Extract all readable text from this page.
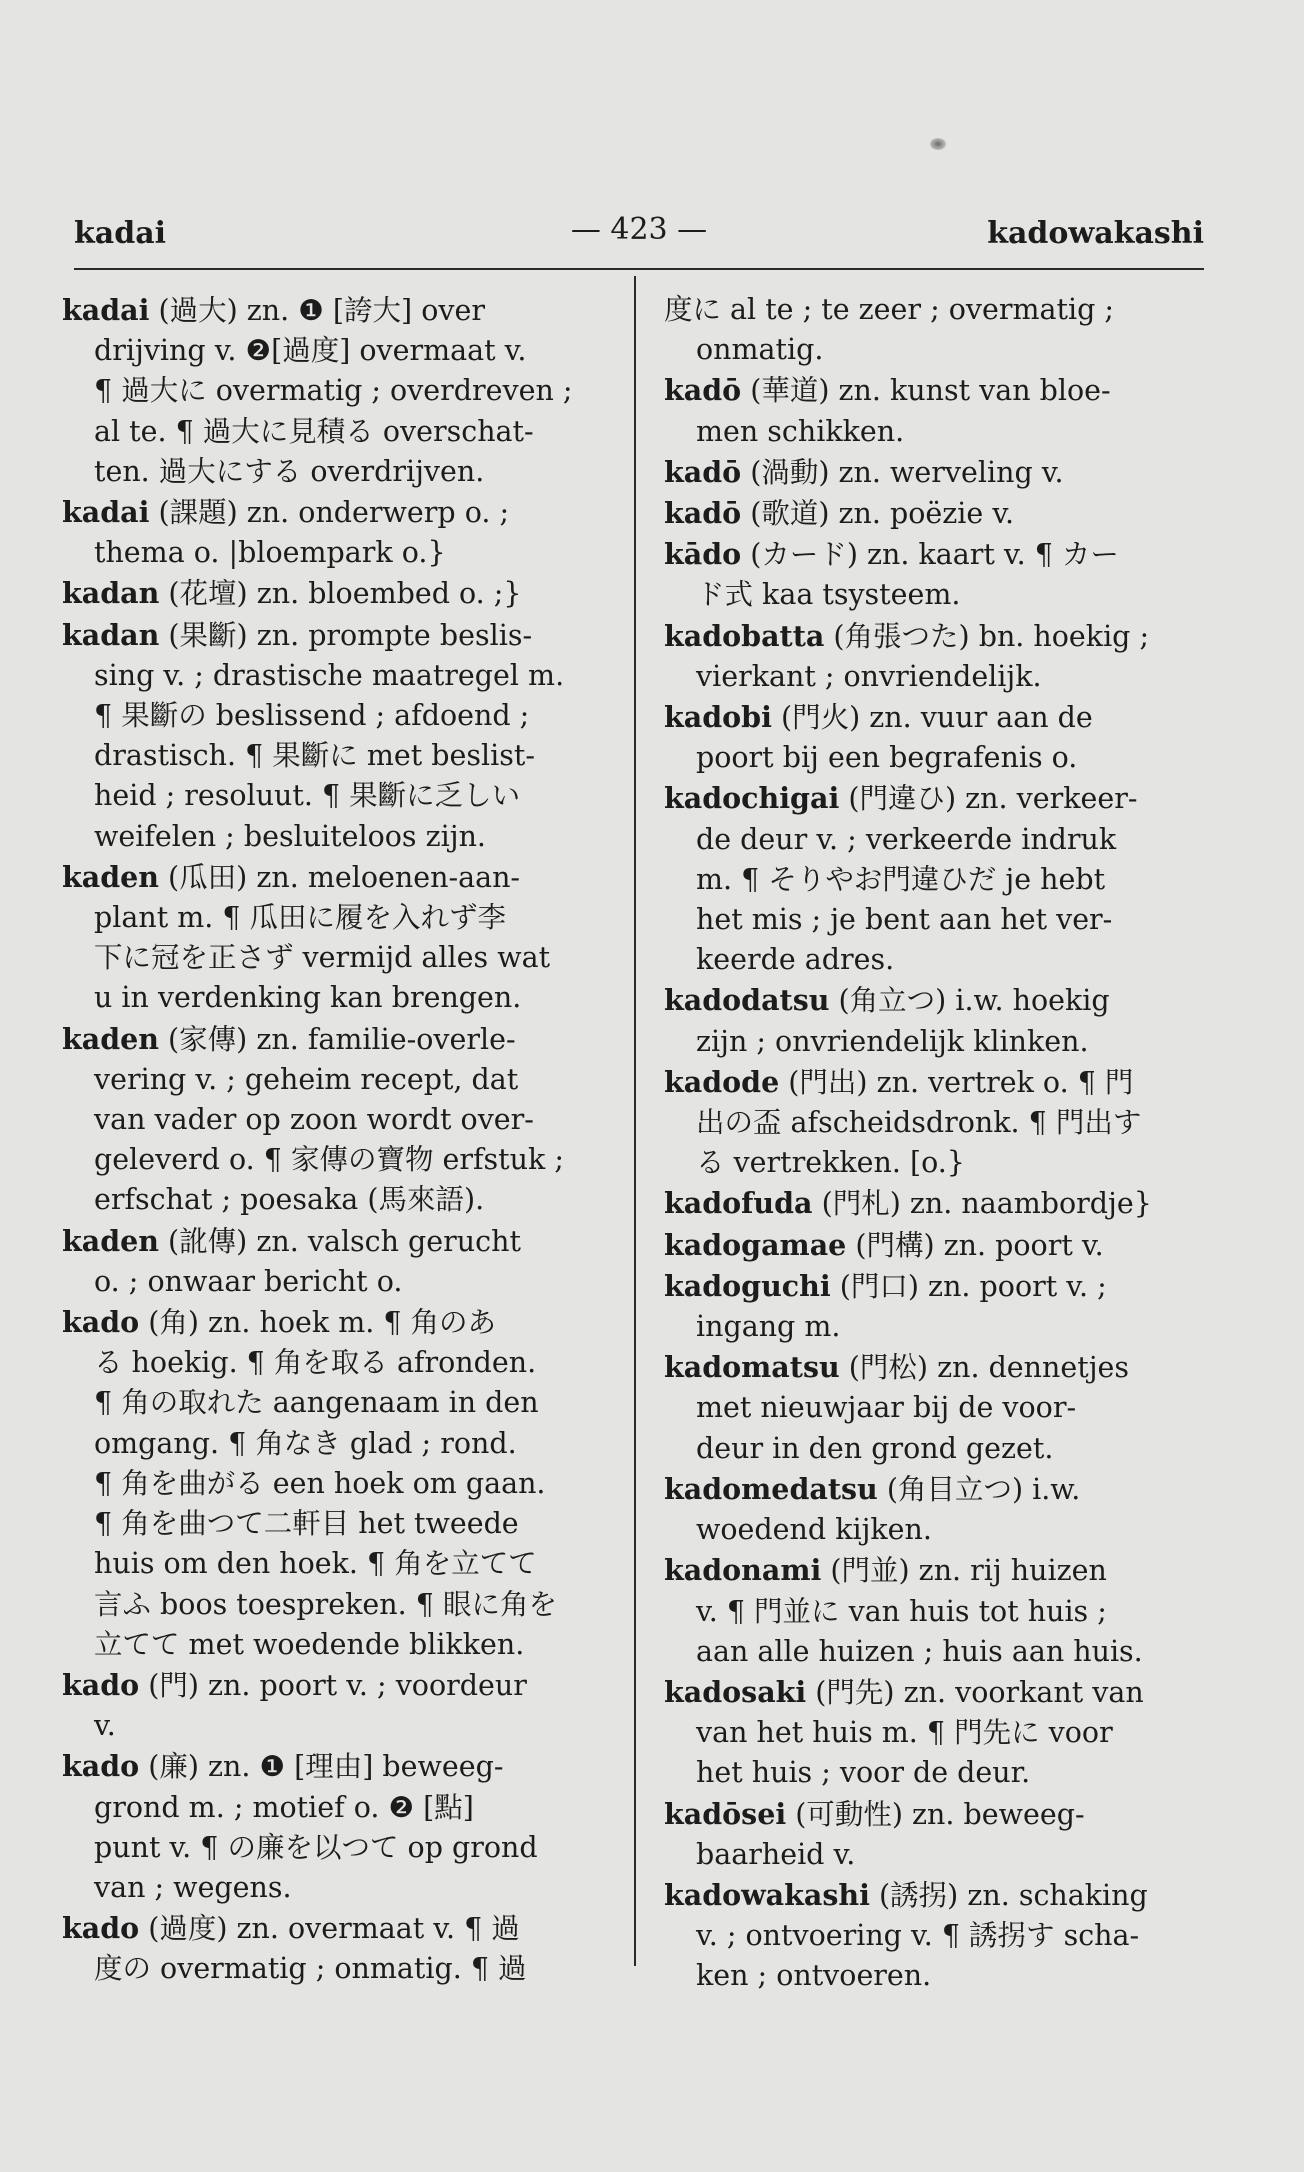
kadai	— 423 —	kadowakashi
kadai (過大) zn. ❶ [誇大] over
drijving v. ❷[過度] overmaat v.
¶ 過大に overmatig ; overdreven ;
al te. ¶ 過大に見積る overschat-
ten. 過大にする overdrijven.
kadai (課題) zn. onderwerp o. ;
thema o. |bloempark o.}
kadan (花壇) zn. bloembed o. ;}
kadan (果斷) zn. prompte beslis-
sing v. ; drastische maatregel m.
¶ 果斷の beslissend ; afdoend ;
drastisch. ¶ 果斷に met beslist-
heid ; resoluut. ¶ 果斷に乏しい
weifelen ; besluiteloos zijn.
kaden (瓜田) zn. meloenen-aan-
plant m. ¶ 瓜田に履を入れず李
下に冠を正さず vermijd alles wat
u in verdenking kan brengen.
kaden (家傳) zn. familie-overle-
vering v. ; geheim recept, dat
van vader op zoon wordt over-
geleverd o. ¶ 家傳の寶物 erfstuk ;
erfschat ; poesaka (馬來語).
kaden (訛傳) zn. valsch gerucht
o. ; onwaar bericht o.
kado (角) zn. hoek m. ¶ 角のあ
る hoekig. ¶ 角を取る afronden.
¶ 角の取れた aangenaam in den
omgang. ¶ 角なき glad ; rond.
¶ 角を曲がる een hoek om gaan.
¶ 角を曲つて二軒目 het tweede
huis om den hoek. ¶ 角を立てて
言ふ boos toespreken. ¶ 眼に角を
立てて met woedende blikken.
kado (門) zn. poort v. ; voordeur
v.
kado (廉) zn. ❶ [理由] beweeg-
grond m. ; motief o. ❷ [點]
punt v. ¶ の廉を以つて op grond
van ; wegens.
kado (過度) zn. overmaat v. ¶ 過
度の overmatig ; onmatig. ¶ 過
度に al te ; te zeer ; overmatig ;
onmatig.
kadō (華道) zn. kunst van bloe-
men schikken.
kadō (渦動) zn. werveling v.
kadō (歌道) zn. poëzie v.
kādo (カード) zn. kaart v. ¶ カー
ド式 kaa tsysteem.
kadobatta (角張つた) bn. hoekig ;
vierkant ; onvriendelijk.
kadobi (門火) zn. vuur aan de
poort bij een begrafenis o.
kadochigai (門違ひ) zn. verkeer-
de deur v. ; verkeerde indruk
m. ¶ そりやお門違ひだ je hebt
het mis ; je bent aan het ver-
keerde adres.
kadodatsu (角立つ) i.w. hoekig
zijn ; onvriendelijk klinken.
kadode (門出) zn. vertrek o. ¶ 門
出の盃 afscheidsdronk. ¶ 門出す
る vertrekken. [o.}
kadofuda (門札) zn. naambordje}
kadogamae (門構) zn. poort v.
kadoguchi (門口) zn. poort v. ;
ingang m.
kadomatsu (門松) zn. dennetjes
met nieuwjaar bij de voor-
deur in den grond gezet.
kadomedatsu (角目立つ) i.w.
woedend kijken.
kadonami (門並) zn. rij huizen
v. ¶ 門並に van huis tot huis ;
aan alle huizen ; huis aan huis.
kadosaki (門先) zn. voorkant van
van het huis m. ¶ 門先に voor
het huis ; voor de deur.
kadōsei (可動性) zn. beweeg-
baarheid v.
kadowakashi (誘拐) zn. schaking
v. ; ontvoering v. ¶ 誘拐す scha-
ken ; ontvoeren.
